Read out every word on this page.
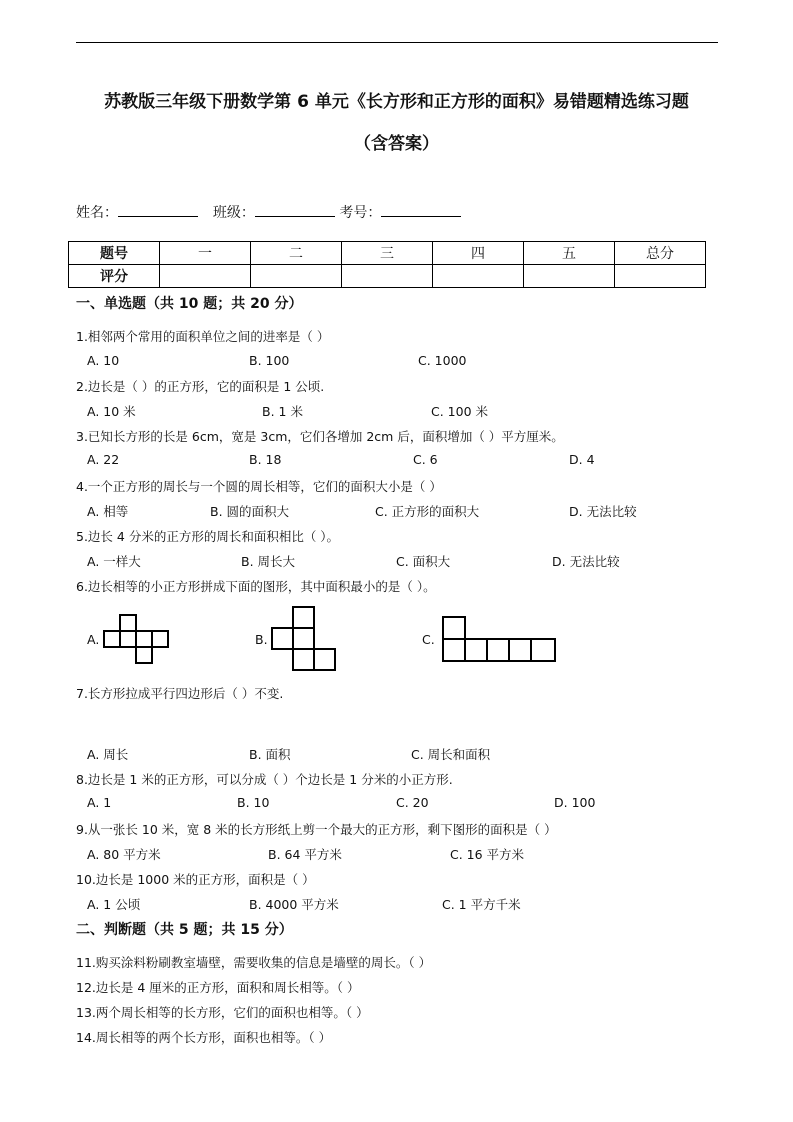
苏教版三年级下册数学第 6 单元《长方形和正方形的面积》易错题精选练习题
（含答案）
姓名：	班级：	考号：
题号	一	二	三	四	五	总分
评分						
一、单选题（共 10 题；共 20 分）
1.相邻两个常用的面积单位之间的进率是（ ）
A. 10	B. 100	C. 1000
2.边长是（ ）的正方形，它的面积是 1 公顷.
A. 10 米	B. 1 米	C. 100 米
3.已知长方形的长是 6cm，宽是 3cm，它们各增加 2cm 后，面积增加（ ）平方厘米。
A. 22	B. 18	C. 6	D. 4
4.一个正方形的周长与一个圆的周长相等，它们的面积大小是（ ）
A. 相等	B. 圆的面积大	C. 正方形的面积大	D. 无法比较
5.边长 4 分米的正方形的周长和面积相比（ ）。
A. 一样大	B. 周长大	C. 面积大	D. 无法比较
6.边长相等的小正方形拼成下面的图形，其中面积最小的是（ ）。
A.	B.	C.
7.长方形拉成平行四边形后（ ）不变.
A. 周长	B. 面积	C. 周长和面积
8.边长是 1 米的正方形，可以分成（ ）个边长是 1 分米的小正方形.
A. 1	B. 10	C. 20	D. 100
9.从一张长 10 米，宽 8 米的长方形纸上剪一个最大的正方形，剩下图形的面积是（ ）
A. 80 平方米	B. 64 平方米	C. 16 平方米
10.边长是 1000 米的正方形，面积是（ ）
A. 1 公顷	B. 4000 平方米	C. 1 平方千米
二、判断题（共 5 题；共 15 分）
11.购买涂料粉刷教室墙壁，需要收集的信息是墙壁的周长。（ ）
12.边长是 4 厘米的正方形，面积和周长相等。（ ）
13.两个周长相等的长方形，它们的面积也相等。（ ）
14.周长相等的两个长方形，面积也相等。（ ）
